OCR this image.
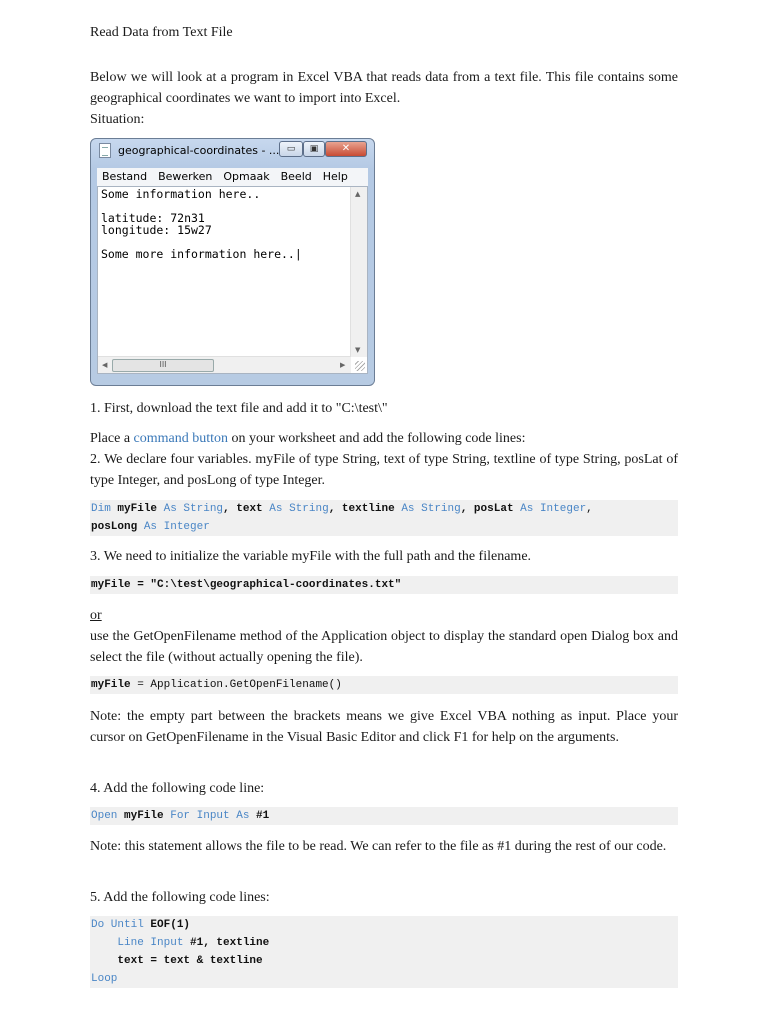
Read Data from Text File

Below we will look at a program in Excel VBA that reads data from a text file. This file contains some geographical coordinates we want to import into Excel.

Situation:

geographical-coordinates - ... ▭	▣	✕
Bestand	Bewerken	Opmaak	Beeld	Help
Some information here..

latitude: 72n31
longitude: 15w27

Some more information here..|
▲
▼
◀	III	▶

1. First, download the text file and add it to "C:\test\"

Place a command button on your worksheet and add the following code lines:

2. We declare four variables. myFile of type String, text of type String, textline of type String, posLat of type Integer, and posLong of type Integer.

Dim myFile As String, text As String, textline As String, posLat As Integer,
posLong As Integer

3. We need to initialize the variable myFile with the full path and the filename.

myFile = "C:\test\geographical-coordinates.txt"

or

use the GetOpenFilename method of the Application object to display the standard open Dialog box and select the file (without actually opening the file).

myFile = Application.GetOpenFilename()

Note: the empty part between the brackets means we give Excel VBA nothing as input. Place your cursor on GetOpenFilename in the Visual Basic Editor and click F1 for help on the arguments.

4. Add the following code line:

Open myFile For Input As #1

Note: this statement allows the file to be read. We can refer to the file as #1 during the rest of our code.

5. Add the following code lines:

Do Until EOF(1)
Line Input #1, textline
text = text & textline
Loop
